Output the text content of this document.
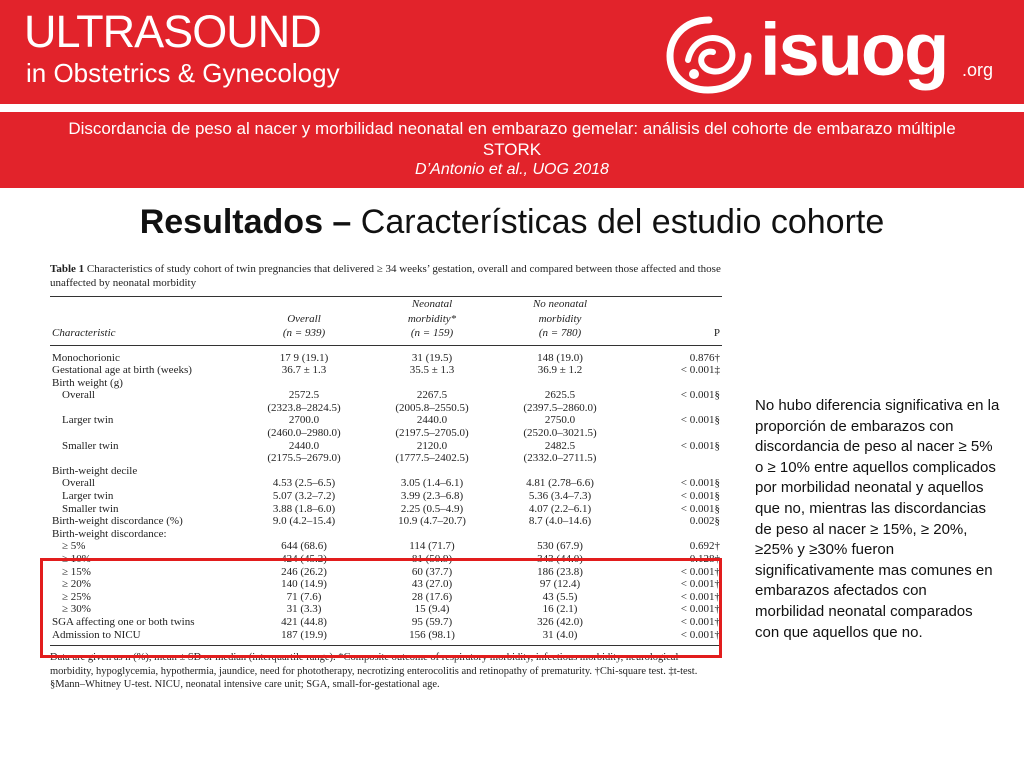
ULTRASOUND
in Obstetrics & Gynecology	isuog .org
Discordancia de peso al nacer y morbilidad neonatal en embarazo gemelar: análisis del cohorte de embarazo múltiple STORK
D’Antonio et al., UOG 2018
Resultados – Características del estudio cohorte
Table 1 Characteristics of study cohort of twin pregnancies that delivered ≥ 34 weeks’ gestation, overall and compared between those affected and those unaffected by neonatal morbidity
		Neonatal	No neonatal	
	Overall	morbidity*	morbidity	
Characteristic	(n = 939)	(n = 159)	(n = 780)	P
Monochorionic	17 9 (19.1)	31 (19.5)	148 (19.0)	0.876†
Gestational age at birth (weeks)	36.7 ± 1.3	35.5 ± 1.3	36.9 ± 1.2	< 0.001‡
Birth weight (g)				
Overall	2572.5	2267.5	2625.5	< 0.001§
	(2323.8–2824.5)	(2005.8–2550.5)	(2397.5–2860.0)	
Larger twin	2700.0	2440.0	2750.0	< 0.001§
	(2460.0–2980.0)	(2197.5–2705.0)	(2520.0–3021.5)	
Smaller twin	2440.0	2120.0	2482.5	< 0.001§
	(2175.5–2679.0)	(1777.5–2402.5)	(2332.0–2711.5)	
Birth-weight decile				
Overall	4.53 (2.5–6.5)	3.05 (1.4–6.1)	4.81 (2.78–6.6)	< 0.001§
Larger twin	5.07 (3.2–7.2)	3.99 (2.3–6.8)	5.36 (3.4–7.3)	< 0.001§
Smaller twin	3.88 (1.8–6.0)	2.25 (0.5–4.9)	4.07 (2.2–6.1)	< 0.001§
Birth-weight discordance (%)	9.0 (4.2–15.4)	10.9 (4.7–20.7)	8.7 (4.0–14.6)	0.002§
Birth-weight discordance:				
≥ 5%	644 (68.6)	114 (71.7)	530 (67.9)	0.692†
≥ 10%	424 (45.2)	81 (50.9)	343 (44.0)	0.128†
≥ 15%	246 (26.2)	60 (37.7)	186 (23.8)	< 0.001†
≥ 20%	140 (14.9)	43 (27.0)	97 (12.4)	< 0.001†
≥ 25%	71 (7.6)	28 (17.6)	43 (5.5)	< 0.001†
≥ 30%	31 (3.3)	15 (9.4)	16 (2.1)	< 0.001†
SGA affecting one or both twins	421 (44.8)	95 (59.7)	326 (42.0)	< 0.001†
Admission to NICU	187 (19.9)	156 (98.1)	31 (4.0)	< 0.001†
Data are given as n (%), mean ± SD or median (interquartile range). *Composite outcome of respiratory morbidity, infectious morbidity, neurological morbidity, hypoglycemia, hypothermia, jaundice, need for phototherapy, necrotizing enterocolitis and retinopathy of prematurity. †Chi-square test. ‡t-test. §Mann–Whitney U-test. NICU, neonatal intensive care unit; SGA, small-for-gestational age.
No hubo diferencia significativa en la proporción de embarazos con discordancia de peso al nacer ≥ 5% o ≥ 10% entre aquellos complicados por morbilidad neonatal y aquellos que no, mientras las discordancias de peso al nacer ≥ 15%, ≥ 20%, ≥25% y ≥30% fueron significativamente mas comunes en embarazos afectados con morbilidad neonatal comparados con que aquellos que no.
